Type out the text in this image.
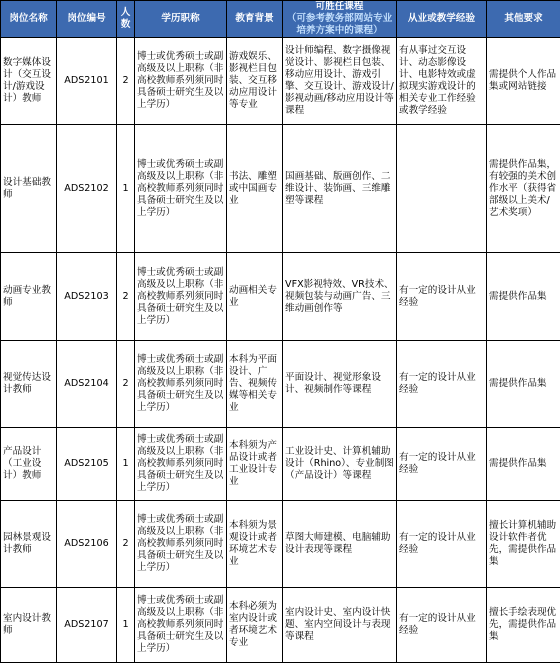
岗位名称	岗位编号	人数	学历职称	教育背景	可胜任课程
（可参考教务部网站专业培养方案中的课程）	从业或教学经验	其他要求
数字媒体设计（交互设计/游戏设计）教师	ADS2101	2	博士或优秀硕士或副高级及以上职称（非高校教师系列须同时具备硕士研究生及以上学历）	游戏娱乐、影视栏目包装、交互移动应用设计等专业	设计师编程、数字摄像视觉设计、影视栏目包装、移动应用设计、游戏引擎、交互设计、游戏设计/影视动画/移动应用设计等课程	有从事过交互设计、动态影像设计、电影特效或虚拟现实游戏设计的相关专业工作经验或教学经验	需提供个人作品集或网站链接
设计基础教师	ADS2102	1	博士或优秀硕士或副高级及以上职称（非高校教师系列须同时具备硕士研究生及以上学历）	书法、雕塑或中国画专业	国画基础、版画创作、二维设计、装饰画、三维雕塑等课程		需提供作品集，有较强的美术创作水平（获得省部级以上美术/艺术奖项）
动画专业教师	ADS2103	2	博士或优秀硕士或副高级及以上职称（非高校教师系列须同时具备硕士研究生及以上学历）	动画相关专业	VFX影视特效、VR技术、视频包装与动画广告、三维动画创作等	有一定的设计从业经验	需提供作品集
视觉传达设计教师	ADS2104	2	博士或优秀硕士或副高级及以上职称（非高校教师系列须同时具备硕士研究生及以上学历）	本科为平面设计、广告、视频传媒等相关专业	平面设计、视觉形象设计、视频制作等课程	有一定的设计从业经验	需提供作品集
产品设计（工业设计）教师	ADS2105	1	博士或优秀硕士或副高级及以上职称（非高校教师系列须同时具备硕士研究生及以上学历）	本科须为产品设计或者工业设计专业	工业设计史、计算机辅助设计（Rhino）、专业制图（产品设计）等课程	有一定的设计从业经验	需提供作品集
园林景观设计教师	ADS2106	2	博士或优秀硕士或副高级及以上职称（非高校教师系列须同时具备硕士研究生及以上学历）	本科须为景观设计或者环境艺术专业	草图大师建模、电脑辅助设计表现等课程	有一定的设计从业经验	擅长计算机辅助设计软件者优先，需提供作品集
室内设计教师	ADS2107	1	博士或优秀硕士或副高级及以上职称（非高校教师系列须同时具备硕士研究生及以上学历）	本科必须为室内设计或者环境艺术专业	室内设计史、室内设计快题、室内空间设计与表现等课程	有一定的设计从业经验	擅长手绘表现优先，需提供作品集
